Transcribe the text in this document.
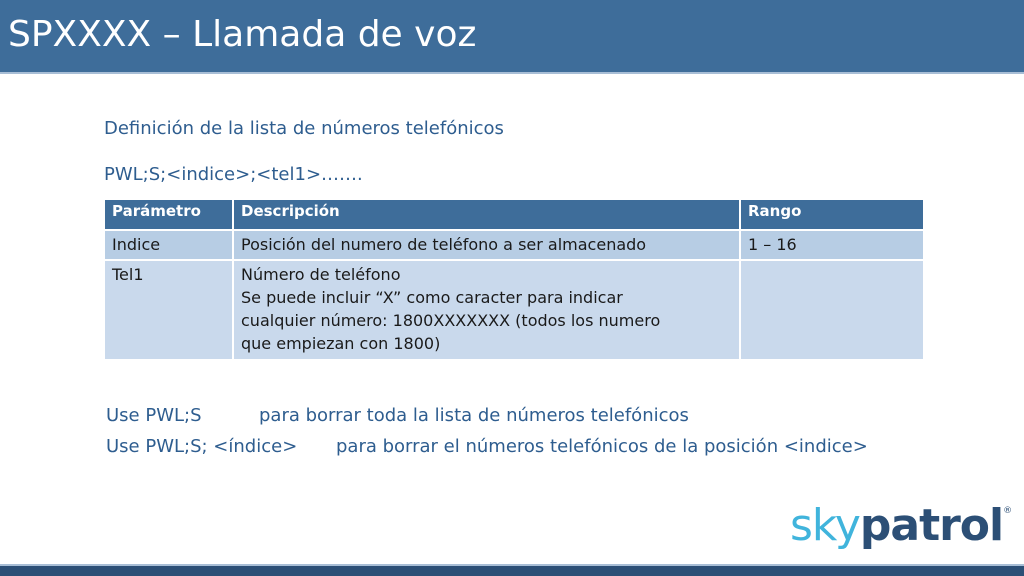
SPXXXX – Llamada de voz
Definición de la lista de números telefónicos
PWL;S;<indice>;<tel1>…….
Parámetro	Descripción	Rango
Indice	Posición del numero de teléfono a ser almacenado	1 – 16
Tel1	Número de teléfono
Se puede incluir “X” como caracter para indicar
cualquier número: 1800XXXXXXX (todos los numero
que empiezan con 1800)	

Use PWL;S	para borrar toda la lista de números telefónicos
Use PWL;S; <índice> para borrar el números telefónicos de la posición <indice>
skypatrol®
